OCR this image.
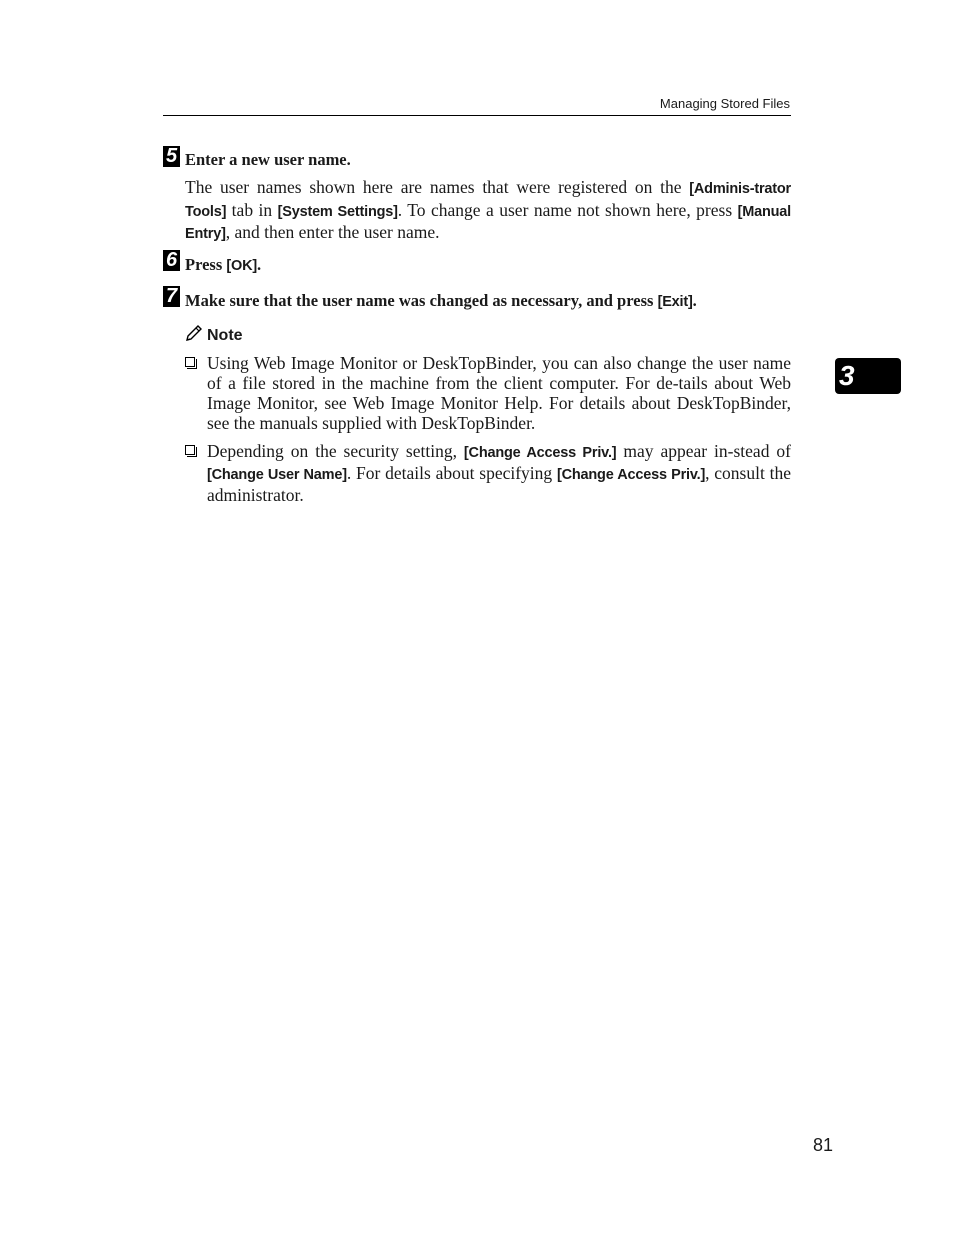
Managing Stored Files
5 Enter a new user name.
The user names shown here are names that were registered on the [Adminis-trator Tools] tab in [System Settings]. To change a user name not shown here, press [Manual Entry], and then enter the user name.
6 Press [OK].
7 Make sure that the user name was changed as necessary, and press [Exit].
Note
Using Web Image Monitor or DeskTopBinder, you can also change the user name of a file stored in the machine from the client computer. For de-tails about Web Image Monitor, see Web Image Monitor Help. For details about DeskTopBinder, see the manuals supplied with DeskTopBinder.
Depending on the security setting, [Change Access Priv.] may appear in-stead of [Change User Name]. For details about specifying [Change Access Priv.], consult the administrator.
3
81
